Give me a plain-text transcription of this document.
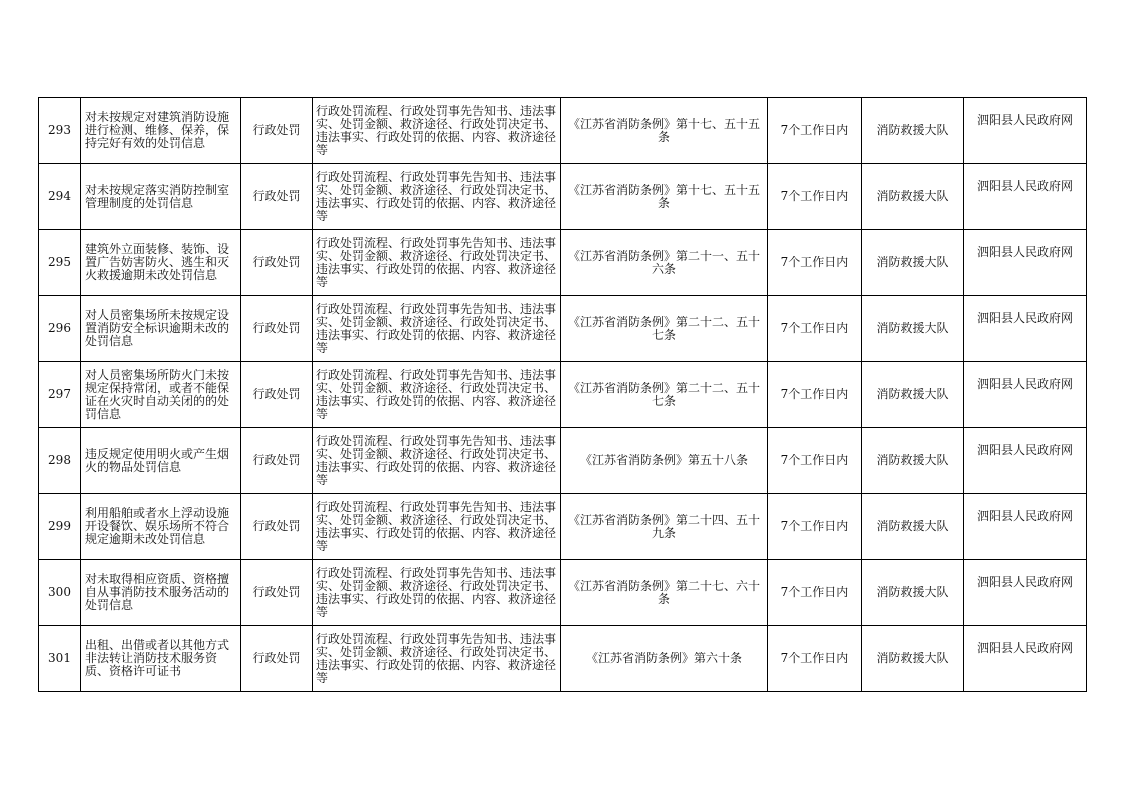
293	对未按规定对建筑消防设施进行检测、维修、保养，保持完好有效的处罚信息	行政处罚	行政处罚流程、行政处罚事先告知书、违法事实、处罚金额、救济途径、行政处罚决定书、违法事实、行政处罚的依据、内容、救济途径等	《江苏省消防条例》第十七、五十五条	7个工作日内	消防救援大队	泗阳县人民政府网

294	对未按规定落实消防控制室管理制度的处罚信息	行政处罚	行政处罚流程、行政处罚事先告知书、违法事实、处罚金额、救济途径、行政处罚决定书、违法事实、行政处罚的依据、内容、救济途径等	《江苏省消防条例》第十七、五十五条	7个工作日内	消防救援大队	泗阳县人民政府网

295	建筑外立面装修、装饰、设置广告妨害防火、逃生和灭火救援逾期未改处罚信息	行政处罚	行政处罚流程、行政处罚事先告知书、违法事实、处罚金额、救济途径、行政处罚决定书、违法事实、行政处罚的依据、内容、救济途径等	《江苏省消防条例》第二十一、五十六条	7个工作日内	消防救援大队	泗阳县人民政府网

296	对人员密集场所未按规定设置消防安全标识逾期未改的处罚信息	行政处罚	行政处罚流程、行政处罚事先告知书、违法事实、处罚金额、救济途径、行政处罚决定书、违法事实、行政处罚的依据、内容、救济途径等	《江苏省消防条例》第二十二、五十七条	7个工作日内	消防救援大队	泗阳县人民政府网

297	对人员密集场所防火门未按规定保持常闭，或者不能保证在火灾时自动关闭的的处罚信息	行政处罚	行政处罚流程、行政处罚事先告知书、违法事实、处罚金额、救济途径、行政处罚决定书、违法事实、行政处罚的依据、内容、救济途径等	《江苏省消防条例》第二十二、五十七条	7个工作日内	消防救援大队	泗阳县人民政府网

298	违反规定使用明火或产生烟火的物品处罚信息	行政处罚	行政处罚流程、行政处罚事先告知书、违法事实、处罚金额、救济途径、行政处罚决定书、违法事实、行政处罚的依据、内容、救济途径等	《江苏省消防条例》第五十八条	7个工作日内	消防救援大队	泗阳县人民政府网

299	利用船舶或者水上浮动设施开设餐饮、娱乐场所不符合规定逾期未改处罚信息	行政处罚	行政处罚流程、行政处罚事先告知书、违法事实、处罚金额、救济途径、行政处罚决定书、违法事实、行政处罚的依据、内容、救济途径等	《江苏省消防条例》第二十四、五十九条	7个工作日内	消防救援大队	泗阳县人民政府网

300	对未取得相应资质、资格擅自从事消防技术服务活动的处罚信息	行政处罚	行政处罚流程、行政处罚事先告知书、违法事实、处罚金额、救济途径、行政处罚决定书、违法事实、行政处罚的依据、内容、救济途径等	《江苏省消防条例》第二十七、六十条	7个工作日内	消防救援大队	泗阳县人民政府网

301	出租、出借或者以其他方式非法转让消防技术服务资质、资格许可证书	行政处罚	行政处罚流程、行政处罚事先告知书、违法事实、处罚金额、救济途径、行政处罚决定书、违法事实、行政处罚的依据、内容、救济途径等	《江苏省消防条例》第六十条	7个工作日内	消防救援大队	泗阳县人民政府网
